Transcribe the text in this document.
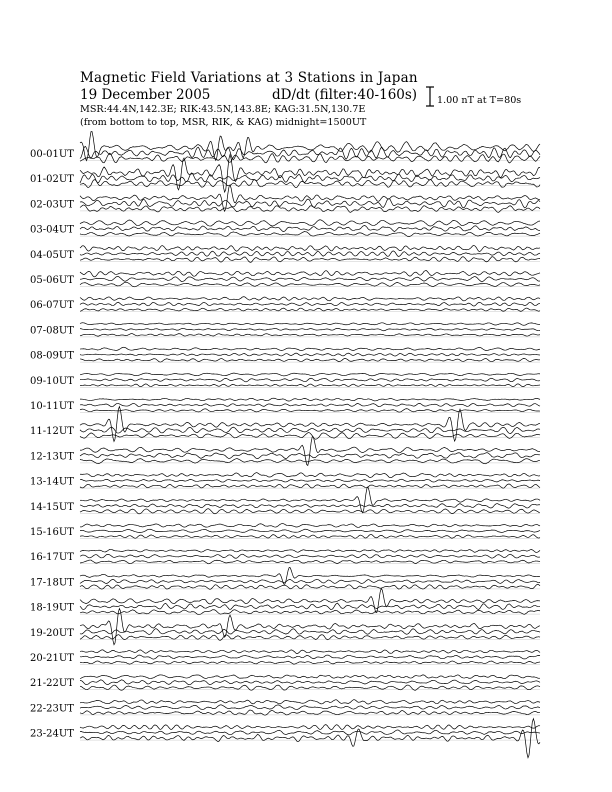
Magnetic Field Variations at 3 Stations in Japan
19 December 2005	dD/dt (filter:40-160s)
MSR:44.4N,142.3E; RIK:43.5N,143.8E; KAG:31.5N,130.7E
(from bottom to top, MSR, RIK, & KAG) midnight=1500UT
1.00 nT at T=80s
00-01UT
01-02UT
02-03UT
03-04UT
04-05UT
05-06UT
06-07UT
07-08UT
08-09UT
09-10UT
10-11UT
11-12UT
12-13UT
13-14UT
14-15UT
15-16UT
16-17UT
17-18UT
18-19UT
19-20UT
20-21UT
21-22UT
22-23UT
23-24UT
